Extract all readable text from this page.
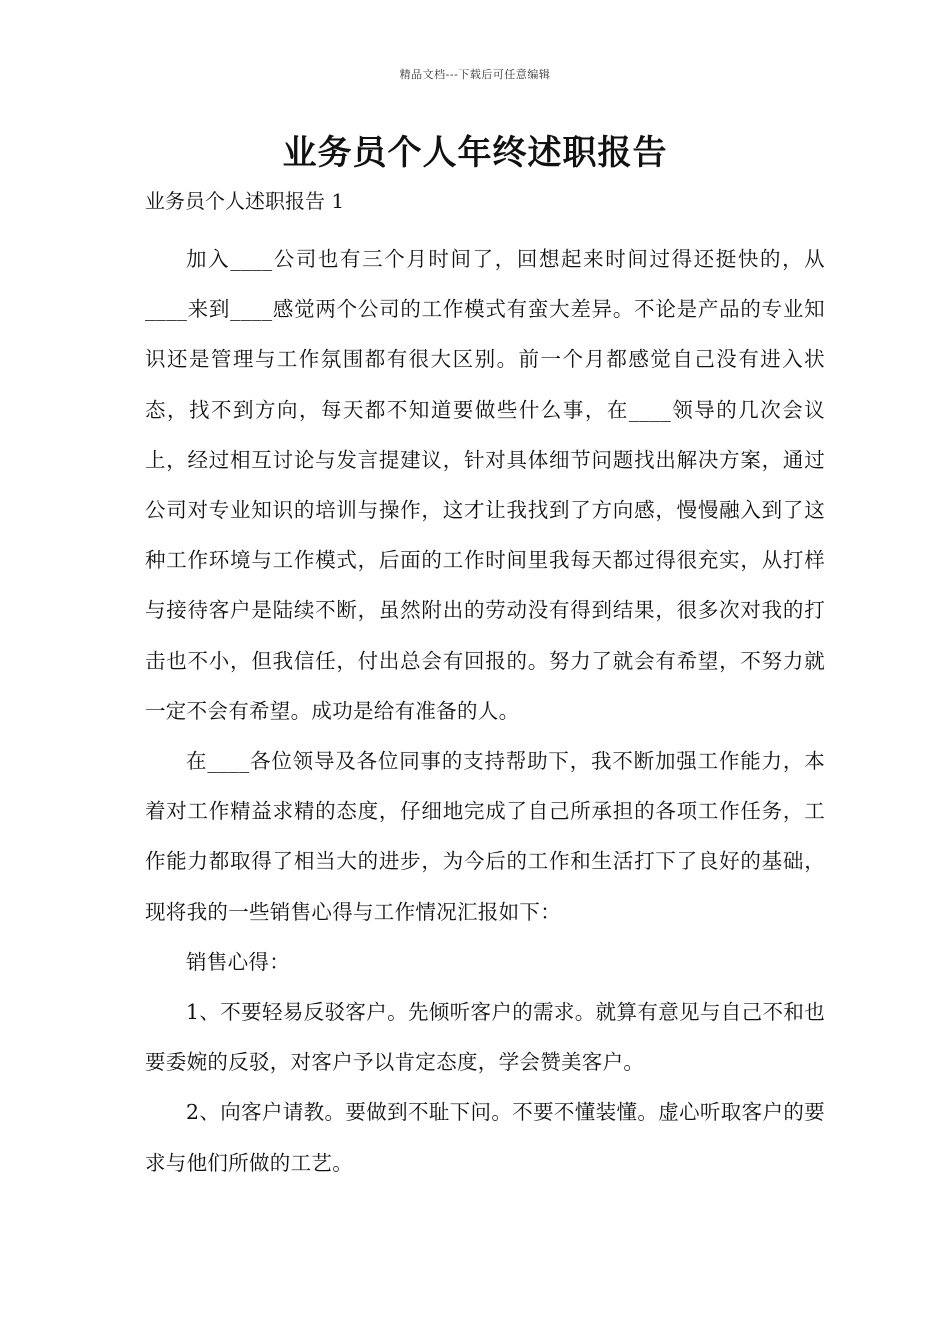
精品文档---下载后可任意编辑
业务员个人年终述职报告

业务员个人述职报告 1

加入____公司也有三个月时间了，回想起来时间过得还挺快的，从____来到____感觉两个公司的工作模式有蛮大差异。不论是产品的专业知识还是管理与工作氛围都有很大区别。前一个月都感觉自己没有进入状态，找不到方向，每天都不知道要做些什么事，在____领导的几次会议上，经过相互讨论与发言提建议，针对具体细节问题找出解决方案，通过公司对专业知识的培训与操作，这才让我找到了方向感，慢慢融入到了这种工作环境与工作模式，后面的工作时间里我每天都过得很充实，从打样与接待客户是陆续不断，虽然附出的劳动没有得到结果，很多次对我的打击也不小，但我信任，付出总会有回报的。努力了就会有希望，不努力就一定不会有希望。成功是给有准备的人。

在____各位领导及各位同事的支持帮助下，我不断加强工作能力，本着对工作精益求精的态度，仔细地完成了自己所承担的各项工作任务，工作能力都取得了相当大的进步，为今后的工作和生活打下了良好的基础，现将我的一些销售心得与工作情况汇报如下：

销售心得：

1、不要轻易反驳客户。先倾听客户的需求。就算有意见与自己不和也要委婉的反驳，对客户予以肯定态度，学会赞美客户。

2、向客户请教。要做到不耻下问。不要不懂装懂。虚心听取客户的要求与他们所做的工艺。
